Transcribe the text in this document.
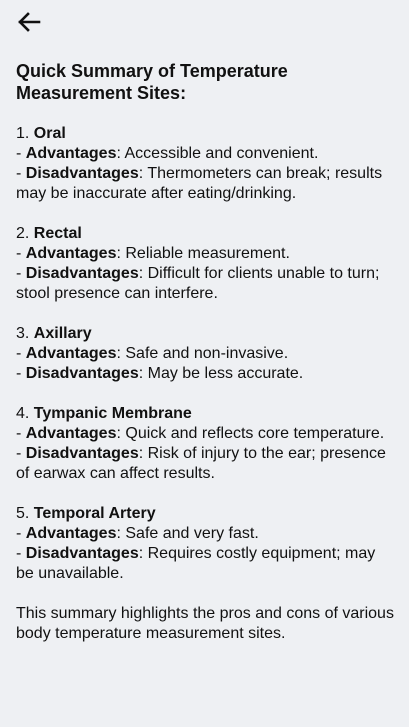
Quick Summary of Temperature
Measurement Sites:
1. Oral
- Advantages: Accessible and convenient.
- Disadvantages: Thermometers can break; results may be inaccurate after eating/drinking.
2. Rectal
- Advantages: Reliable measurement.
- Disadvantages: Difficult for clients unable to turn; stool presence can interfere.
3. Axillary
- Advantages: Safe and non-invasive.
- Disadvantages: May be less accurate.
4. Tympanic Membrane
- Advantages: Quick and reflects core temperature.
- Disadvantages: Risk of injury to the ear; presence of earwax can affect results.
5. Temporal Artery
- Advantages: Safe and very fast.
- Disadvantages: Requires costly equipment; may be unavailable.

This summary highlights the pros and cons of various body temperature measurement sites.
